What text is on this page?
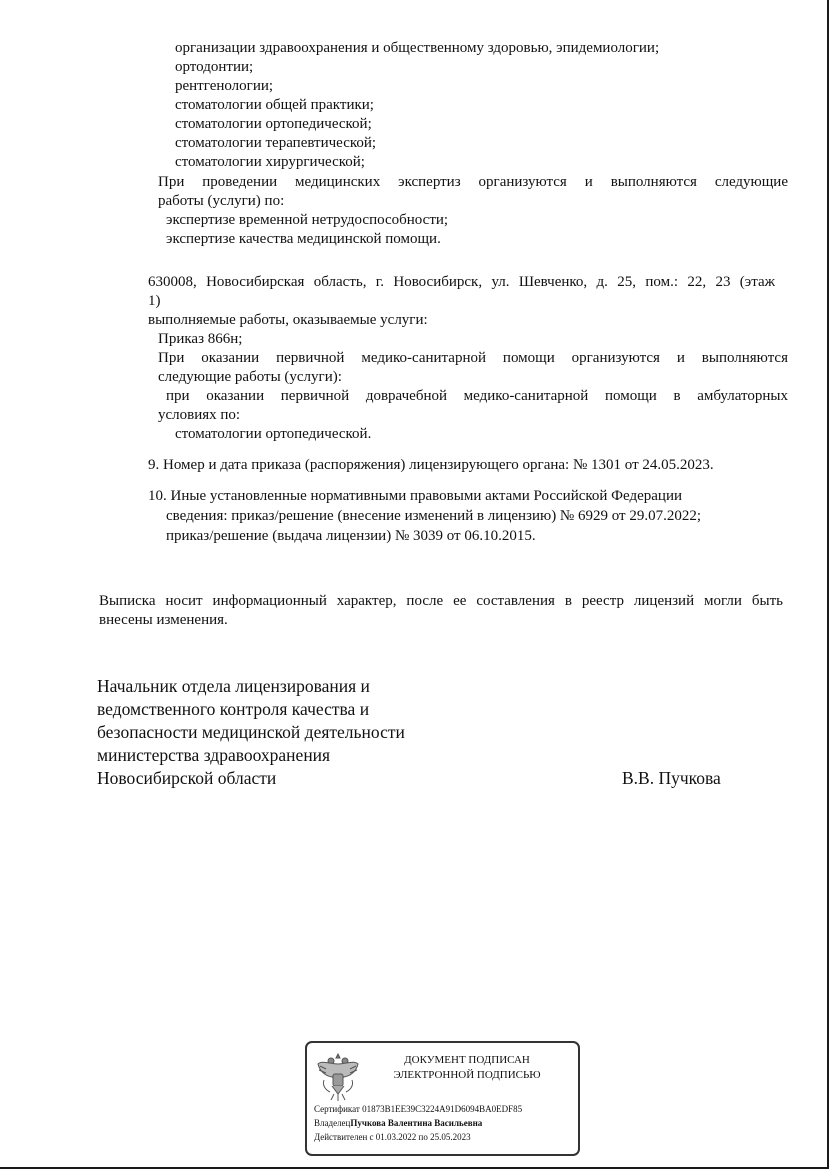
организации здравоохранения и общественному здоровью, эпидемиологии;
ортодонтии;
рентгенологии;
стоматологии общей практики;
стоматологии ортопедической;
стоматологии терапевтической;
стоматологии хирургической;
При проведении медицинских экспертиз организуются и выполняются следующие
работы (услуги) по:
экспертизе временной нетрудоспособности;
экспертизе качества медицинской помощи.
630008, Новосибирская область, г. Новосибирск, ул. Шевченко, д. 25, пом.: 22, 23 (этаж
1)
выполняемые работы, оказываемые услуги:
Приказ 866н;
При оказании первичной медико-санитарной помощи организуются и выполняются
следующие работы (услуги):
при оказании первичной доврачебной медико-санитарной помощи в амбулаторных
условиях по:
стоматологии ортопедической.
9. Номер и дата приказа (распоряжения) лицензирующего органа: № 1301 от 24.05.2023.
10. Иные установленные нормативными правовыми актами Российской Федерации
сведения: приказ/решение (внесение изменений в лицензию) № 6929 от 29.07.2022;
приказ/решение (выдача лицензии) № 3039 от 06.10.2015.
Выписка носит информационный характер, после ее составления в реестр лицензий могли быть
внесены изменения.
Начальник отдела лицензирования и
ведомственного контроля качества и
безопасности медицинской деятельности
министерства здравоохранения
Новосибирской области	В.В. Пучкова
ДОКУМЕНТ ПОДПИСАН
ЭЛЕКТРОННОЙ ПОДПИСЬЮ
Сертификат 01873B1EE39C3224A91D6094BA0EDF85
ВладелецПучкова Валентина Васильевна
Действителен с 01.03.2022 по 25.05.2023
